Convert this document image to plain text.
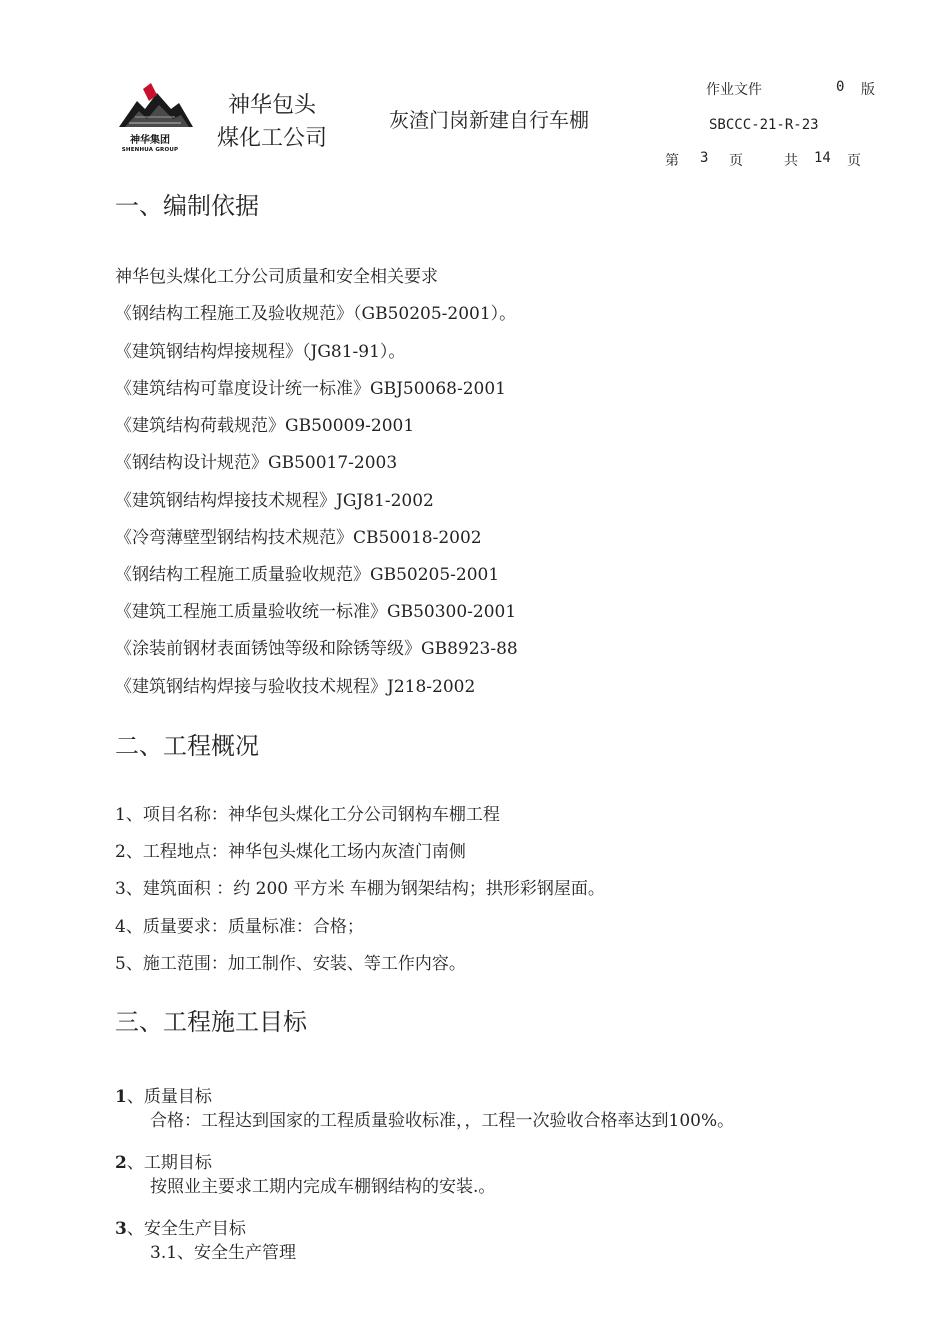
神华集团
SHENHUA GROUP
神华包头
煤化工公司
灰渣门岗新建自行车棚
作业文件	0 版
SBCCC-21-R-23
第 3 页	共 14 页
一、编制依据
神华包头煤化工分公司质量和安全相关要求
《钢结构工程施工及验收规范》（GB50205-2001）。
《建筑钢结构焊接规程》（JG81-91）。
《建筑结构可靠度设计统一标准》GBJ50068-2001
《建筑结构荷载规范》GB50009-2001
《钢结构设计规范》GB50017-2003
《建筑钢结构焊接技术规程》JGJ81-2002
《冷弯薄壁型钢结构技术规范》CB50018-2002
《钢结构工程施工质量验收规范》GB50205-2001
《建筑工程施工质量验收统一标准》GB50300-2001
《涂装前钢材表面锈蚀等级和除锈等级》GB8923-88
《建筑钢结构焊接与验收技术规程》J218-2002
二、工程概况
1、项目名称：神华包头煤化工分公司钢构车棚工程
2、工程地点：神华包头煤化工场内灰渣门南侧
3、建筑面积 ：约 200 平方米 车棚为钢架结构；拱形彩钢屋面。
4、质量要求：质量标准：合格；
5、施工范围：加工制作、安装、等工作内容。
三、工程施工目标
1、质量目标
合格：工程达到国家的工程质量验收标准，，工程一次验收合格率达到100%。
2、工期目标
按照业主要求工期内完成车棚钢结构的安装.。
3、安全生产目标
3.1、安全生产管理
